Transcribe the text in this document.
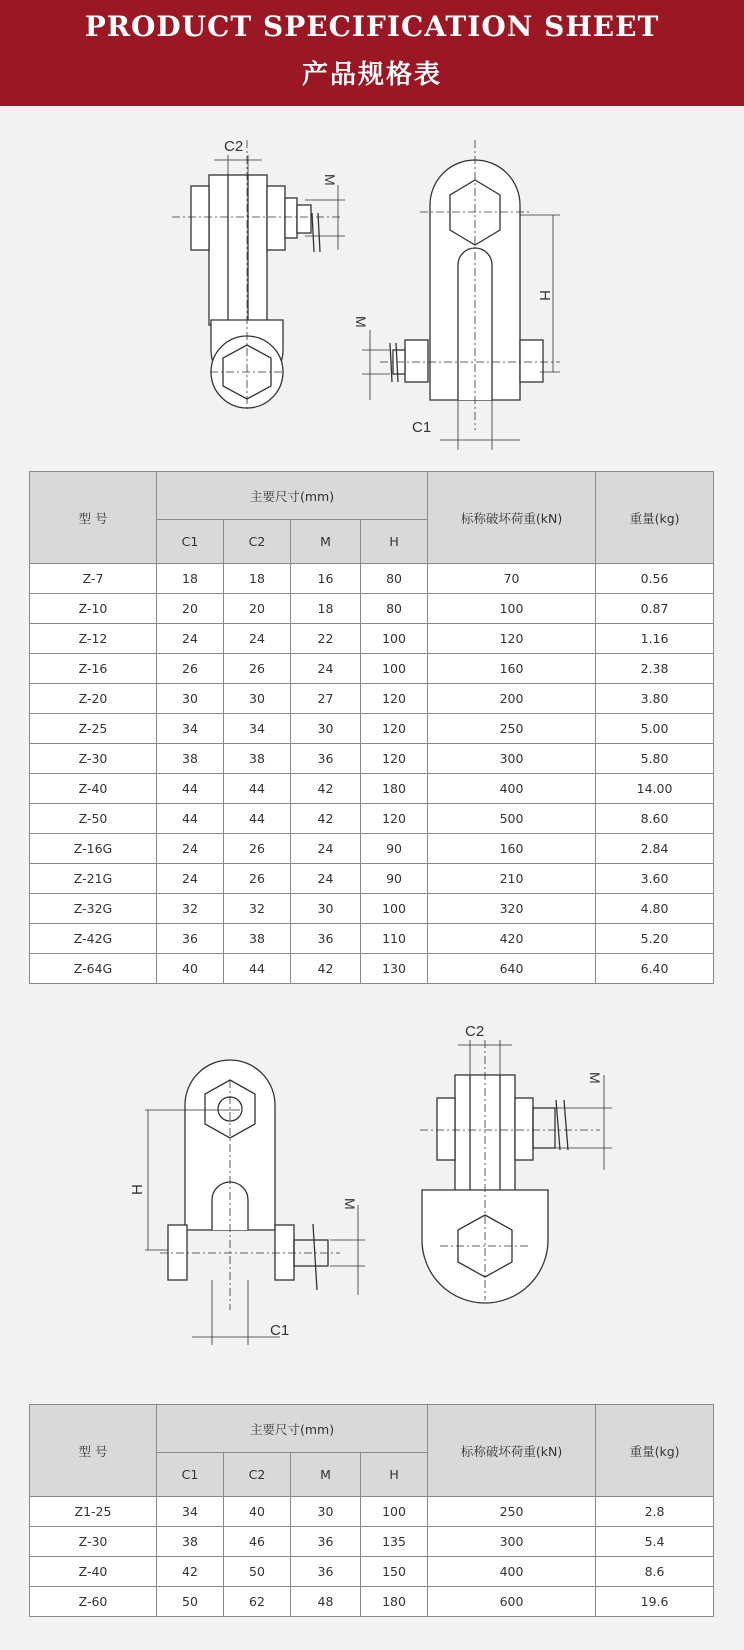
PRODUCT SPECIFICATION SHEET
产品规格表
C2
M
H
M
C1
型 号	主要尺寸(mm)				标称破坏荷重(kN)	重量(kg)
	C1	C2	M	H		
Z-7	18	18	16	80	70	0.56
Z-10	20	20	18	80	100	0.87
Z-12	24	24	22	100	120	1.16
Z-16	26	26	24	100	160	2.38
Z-20	30	30	27	120	200	3.80
Z-25	34	34	30	120	250	5.00
Z-30	38	38	36	120	300	5.80
Z-40	44	44	42	180	400	14.00
Z-50	44	44	42	120	500	8.60
Z-16G	24	26	24	90	160	2.84
Z-21G	24	26	24	90	210	3.60
Z-32G	32	32	30	100	320	4.80
Z-42G	36	38	36	110	420	5.20
Z-64G	40	44	42	130	640	6.40
H
M
C1
C2
M
型 号	主要尺寸(mm)				标称破坏荷重(kN)	重量(kg)
	C1	C2	M	H		
Z1-25	34	40	30	100	250	2.8
Z-30	38	46	36	135	300	5.4
Z-40	42	50	36	150	400	8.6
Z-60	50	62	48	180	600	19.6
